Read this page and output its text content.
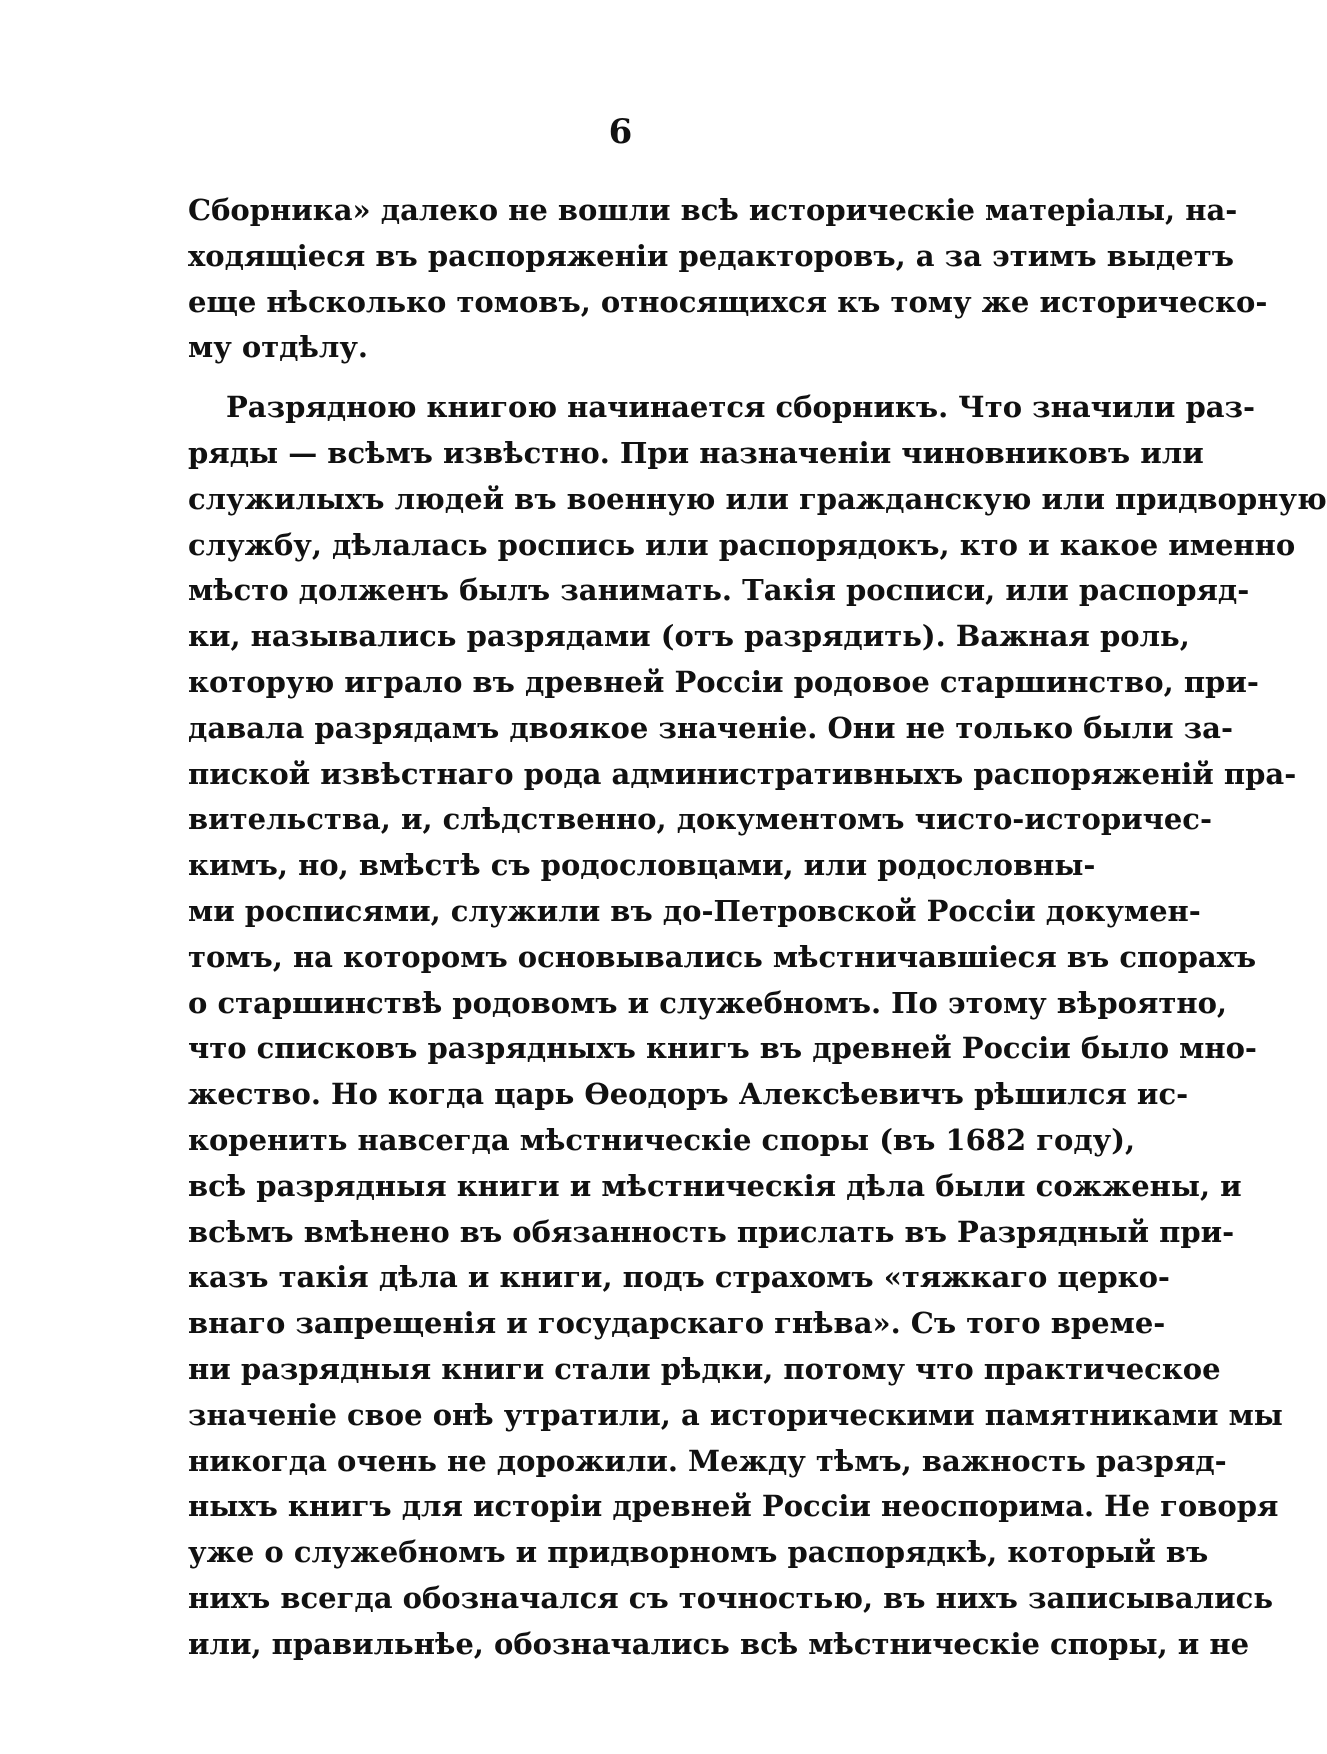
6
Сборника» далеко не вошли всѣ историческіе матеріалы, на-
ходящіеся въ распоряженіи редакторовъ, а за этимъ выдетъ
еще нѣсколько томовъ, относящихся къ тому же историческо-
му отдѣлу.
Разрядною книгою начинается сборникъ. Что значили раз-
ряды — всѣмъ извѣстно. При назначеніи чиновниковъ или
служилыхъ людей въ военную или гражданскую или придворную
службу, дѣлалась роспись или распорядокъ, кто и какое именно
мѣсто долженъ былъ занимать. Такія росписи, или распоряд-
ки, назывались разрядами (отъ разрядить). Важная роль,
которую играло въ древней Россіи родовое старшинство, при-
давала разрядамъ двоякое значеніе. Они не только были за-
пиской извѣстнаго рода административныхъ распоряженій пра-
вительства, и, слѣдственно, документомъ чисто-историчес-
кимъ, но, вмѣстѣ съ родословцами, или родословны-
ми росписями, служили въ до-Петровской Россіи докумен-
томъ, на которомъ основывались мѣстничавшіеся въ спорахъ
о старшинствѣ родовомъ и служебномъ. По этому вѣроятно,
что списковъ разрядныхъ книгъ въ древней Россіи было мно-
жество. Но когда царь Ѳеодоръ Алексѣевичъ рѣшился ис-
коренить навсегда мѣстническіе споры (въ 1682 году),
всѣ разрядныя книги и мѣстническія дѣла были сожжены, и
всѣмъ вмѣнено въ обязанность прислать въ Разрядный при-
казъ такія дѣла и книги, подъ страхомъ «тяжкаго церко-
внаго запрещенія и государскаго гнѣва». Съ того време-
ни разрядныя книги стали рѣдки, потому что практическое
значеніе свое онѣ утратили, а историческими памятниками мы
никогда очень не дорожили. Между тѣмъ, важность разряд-
ныхъ книгъ для исторіи древней Россіи неоспорима. Не говоря
уже о служебномъ и придворномъ распорядкѣ, который въ
нихъ всегда обозначался съ точностью, въ нихъ записывались
или, правильнѣе, обозначались всѣ мѣстническіе споры, и не
